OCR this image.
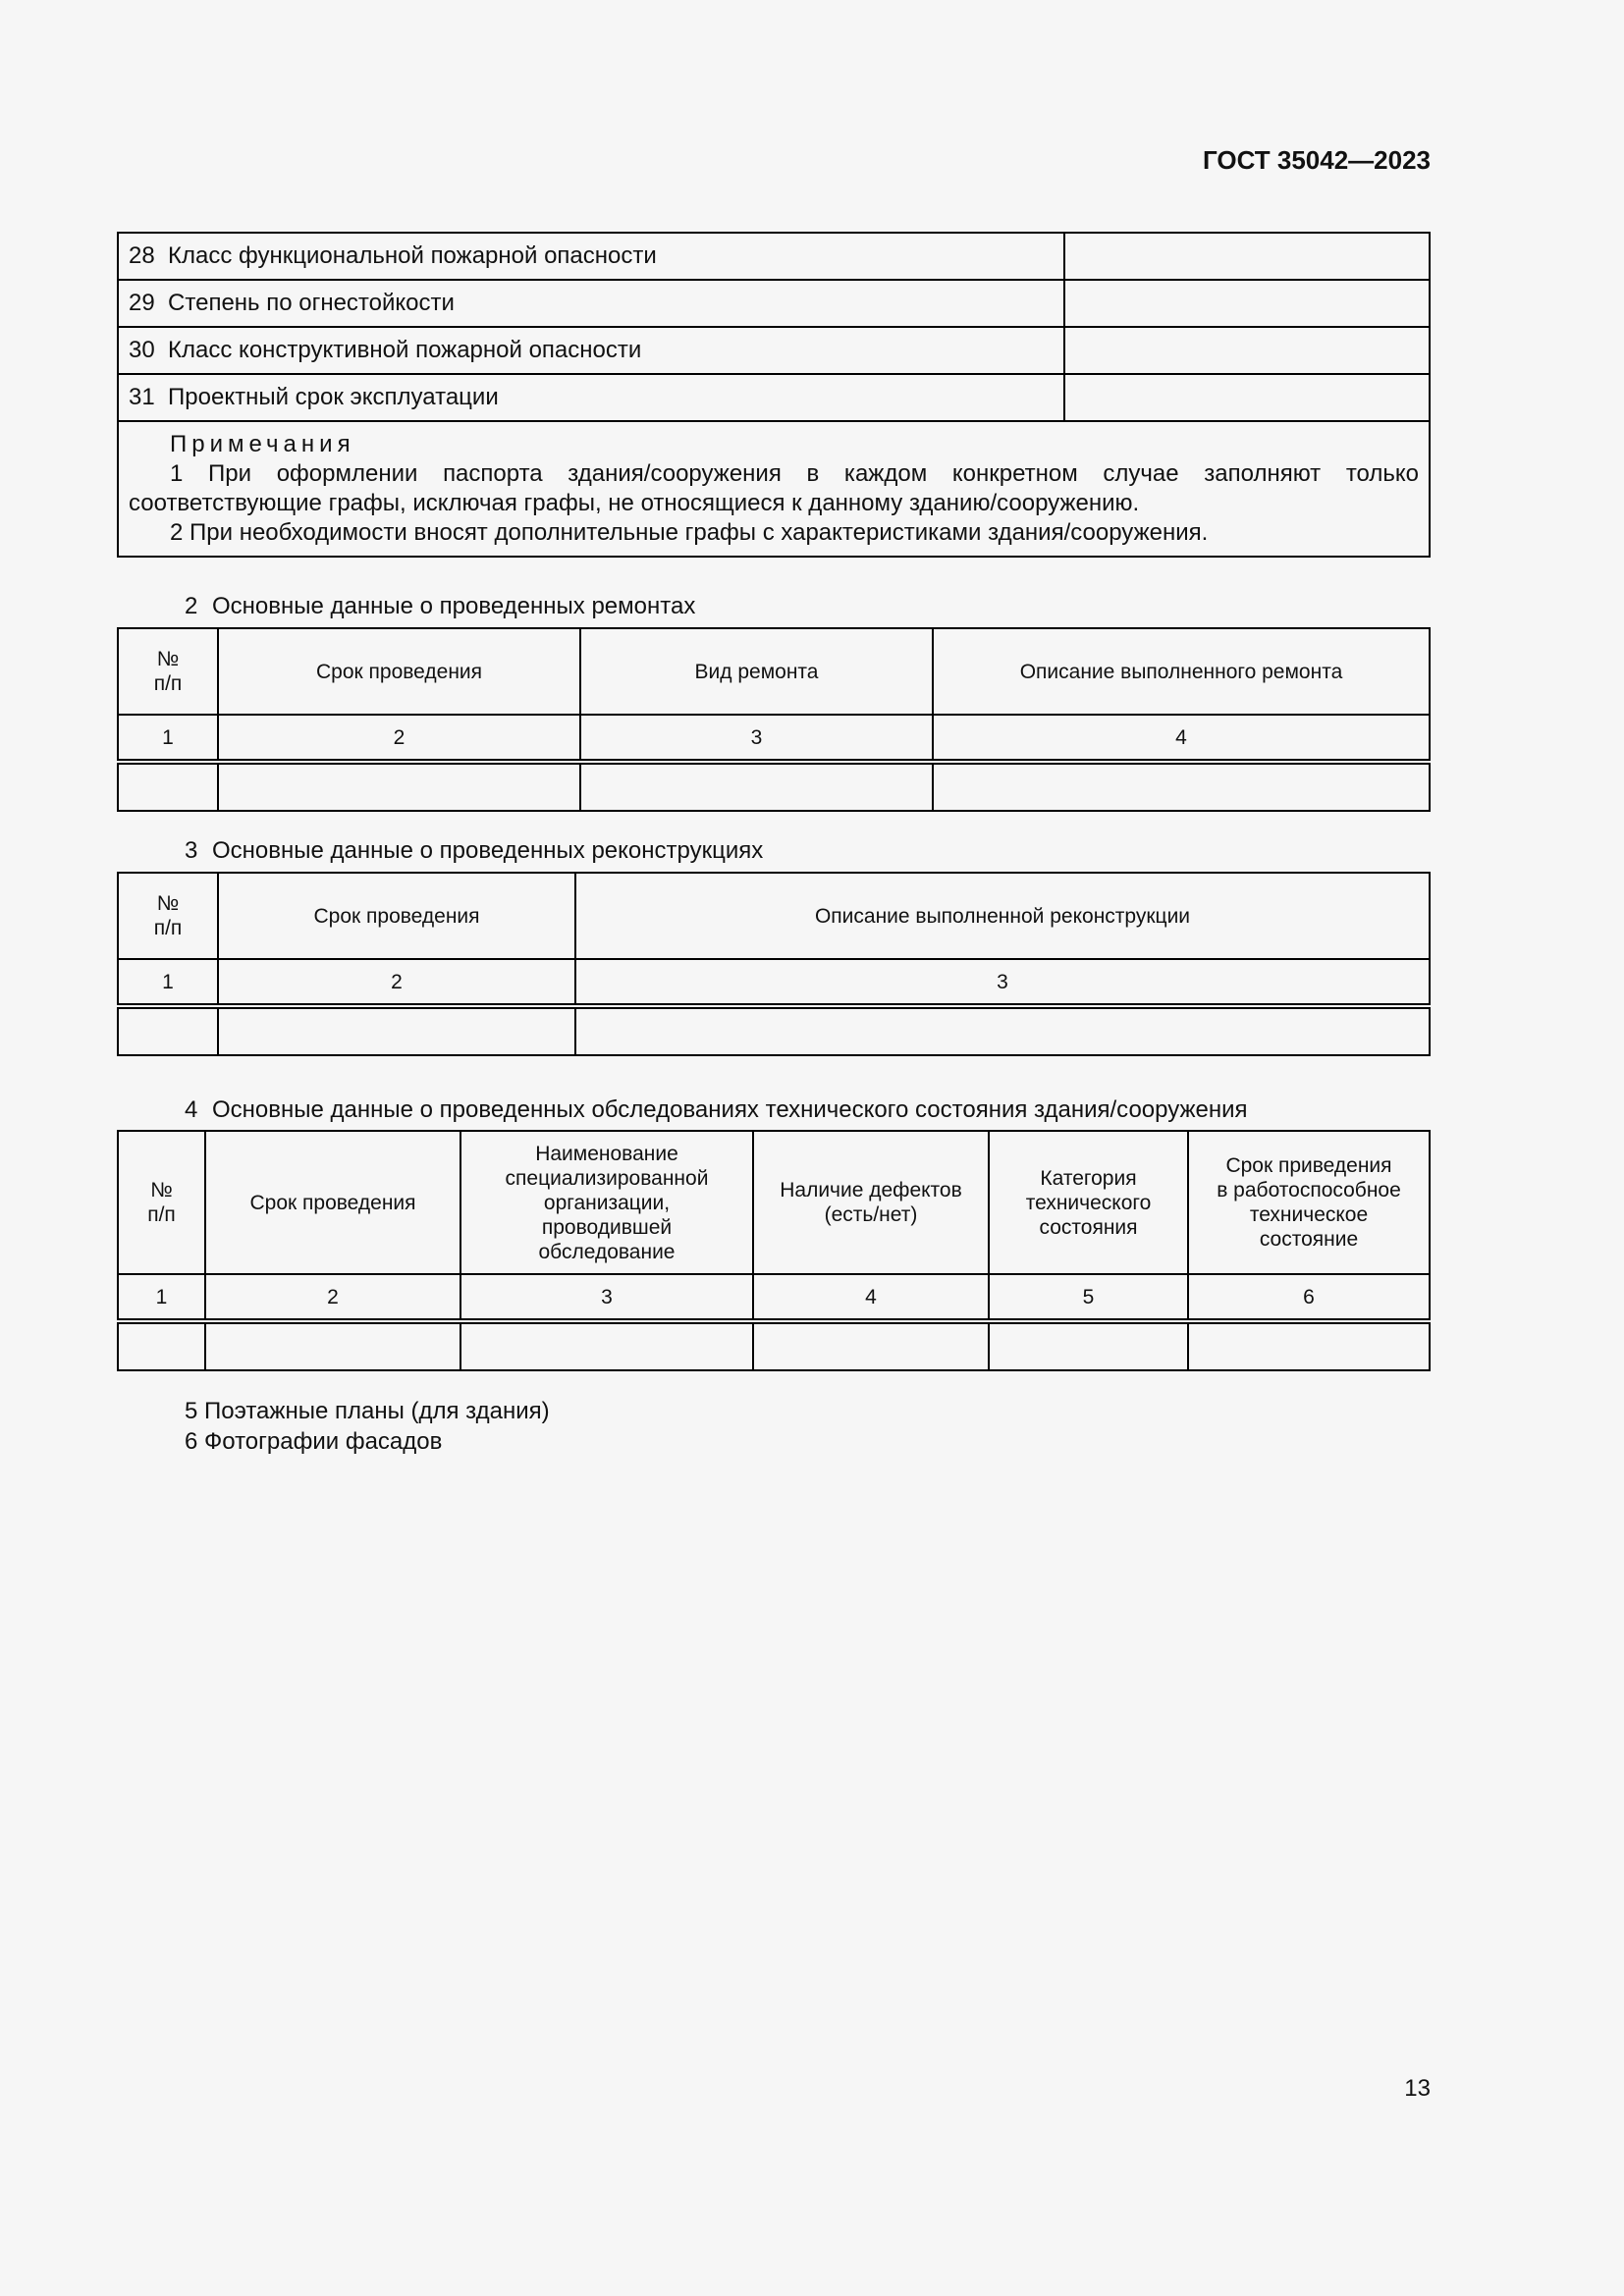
ГОСТ 35042—2023
28 Класс функциональной пожарной опасности	
29 Степень по огнестойкости	
30 Класс конструктивной пожарной опасности	
31 Проектный срок эксплуатации	

Примечания
1 При оформлении паспорта здания/сооружения в каждом конкретном случае заполняют только соответствующие графы, исключая графы, не относящиеся к данному зданию/сооружению.
2 При необходимости вносят дополнительные графы с характеристиками здания/сооружения.	
2 Основные данные о проведенных ремонтах
№
п/п	Срок проведения	Вид ремонта	Описание выполненного ремонта
1	2	3	4

3 Основные данные о проведенных реконструкциях
№
п/п	Срок проведения	Описание выполненной реконструкции
1	2	3

4 Основные данные о проведенных обследованиях технического состояния здания/сооружения
№
п/п	Срок проведения	Наименование
специализированной
организации,
проводившей
обследование	Наличие дефектов
(есть/нет)	Категория
технического
состояния	Срок приведения
в работоспособное
техническое
состояние
1	2	3	4	5	6

5 Поэтажные планы (для здания)
6 Фотографии фасадов
13
